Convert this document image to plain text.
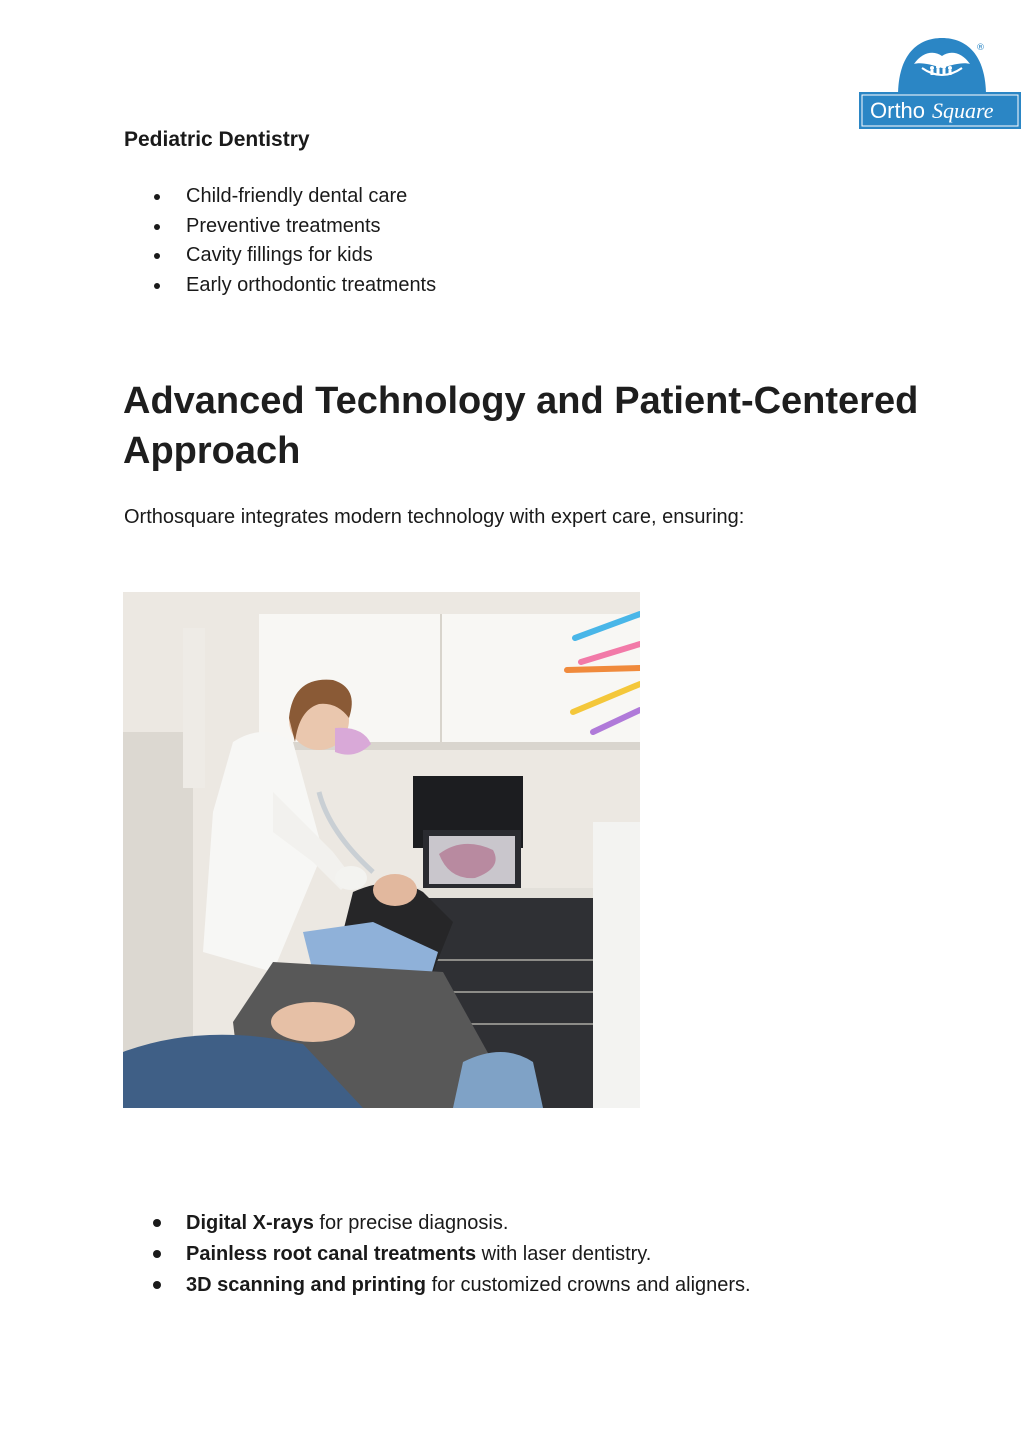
®
Ortho Square
Pediatric Dentistry
Child-friendly dental care
Preventive treatments
Cavity fillings for kids
Early orthodontic treatments
Advanced Technology and Patient-Centered Approach

Orthosquare integrates modern technology with expert care, ensuring:

Digital X-rays for precise diagnosis.
Painless root canal treatments with laser dentistry.
3D scanning and printing for customized crowns and aligners.
